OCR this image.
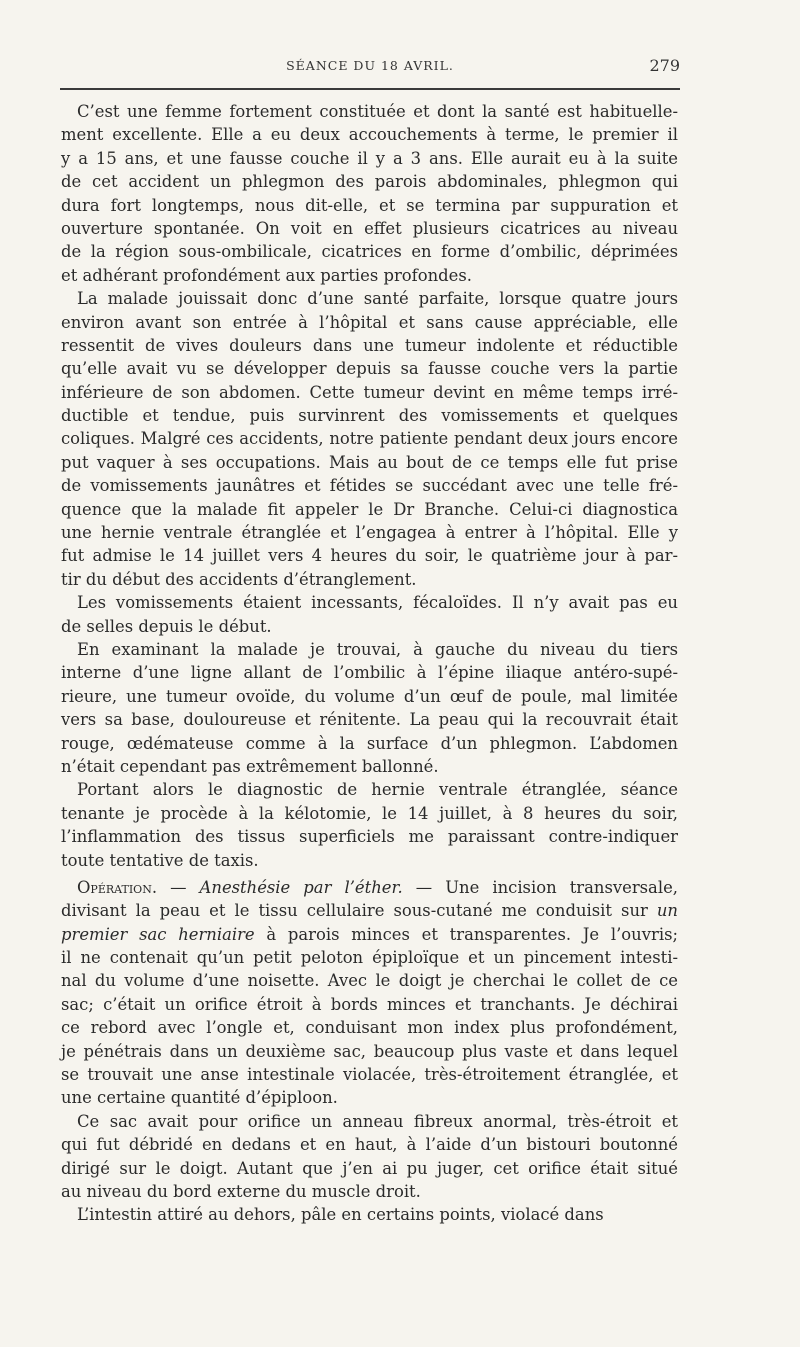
SÉANCE DU 18 AVRIL.	279
C’est une femme fortement constituée et dont la santé est habituelle-
ment excellente. Elle a eu deux accouchements à terme, le premier il
y a 15 ans, et une fausse couche il y a 3 ans. Elle aurait eu à la suite
de cet accident un phlegmon des parois abdominales, phlegmon qui
dura fort longtemps, nous dit-elle, et se termina par suppuration et
ouverture spontanée. On voit en effet plusieurs cicatrices au niveau
de la région sous-ombilicale, cicatrices en forme d’ombilic, déprimées
et adhérant profondément aux parties profondes.
La malade jouissait donc d’une santé parfaite, lorsque quatre jours
environ avant son entrée à l’hôpital et sans cause appréciable, elle
ressentit de vives douleurs dans une tumeur indolente et réductible
qu’elle avait vu se développer depuis sa fausse couche vers la partie
inférieure de son abdomen. Cette tumeur devint en même temps irré-
ductible et tendue, puis survinrent des vomissements et quelques
coliques. Malgré ces accidents, notre patiente pendant deux jours encore
put vaquer à ses occupations. Mais au bout de ce temps elle fut prise
de vomissements jaunâtres et fétides se succédant avec une telle fré-
quence que la malade fit appeler le Dr Branche. Celui-ci diagnostica
une hernie ventrale étranglée et l’engagea à entrer à l’hôpital. Elle y
fut admise le 14 juillet vers 4 heures du soir, le quatrième jour à par-
tir du début des accidents d’étranglement.
Les vomissements étaient incessants, fécaloïdes. Il n’y avait pas eu
de selles depuis le début.
En examinant la malade je trouvai, à gauche du niveau du tiers
interne d’une ligne allant de l’ombilic à l’épine iliaque antéro-supé-
rieure, une tumeur ovoïde, du volume d’un œuf de poule, mal limitée
vers sa base, douloureuse et rénitente. La peau qui la recouvrait était
rouge, œdémateuse comme à la surface d’un phlegmon. L’abdomen
n’était cependant pas extrêmement ballonné.
Portant alors le diagnostic de hernie ventrale étranglée, séance
tenante je procède à la kélotomie, le 14 juillet, à 8 heures du soir,
l’inflammation des tissus superficiels me paraissant contre-indiquer
toute tentative de taxis.
Opération. — Anesthésie par l’éther. — Une incision transversale,
divisant la peau et le tissu cellulaire sous-cutané me conduisit sur un
premier sac herniaire à parois minces et transparentes. Je l’ouvris;
il ne contenait qu’un petit peloton épiploïque et un pincement intesti-
nal du volume d’une noisette. Avec le doigt je cherchai le collet de ce
sac; c’était un orifice étroit à bords minces et tranchants. Je déchirai
ce rebord avec l’ongle et, conduisant mon index plus profondément,
je pénétrais dans un deuxième sac, beaucoup plus vaste et dans lequel
se trouvait une anse intestinale violacée, très-étroitement étranglée, et
une certaine quantité d’épiploon.
Ce sac avait pour orifice un anneau fibreux anormal, très-étroit et
qui fut débridé en dedans et en haut, à l’aide d’un bistouri boutonné
dirigé sur le doigt. Autant que j’en ai pu juger, cet orifice était situé
au niveau du bord externe du muscle droit.
L’intestin attiré au dehors, pâle en certains points, violacé dans
